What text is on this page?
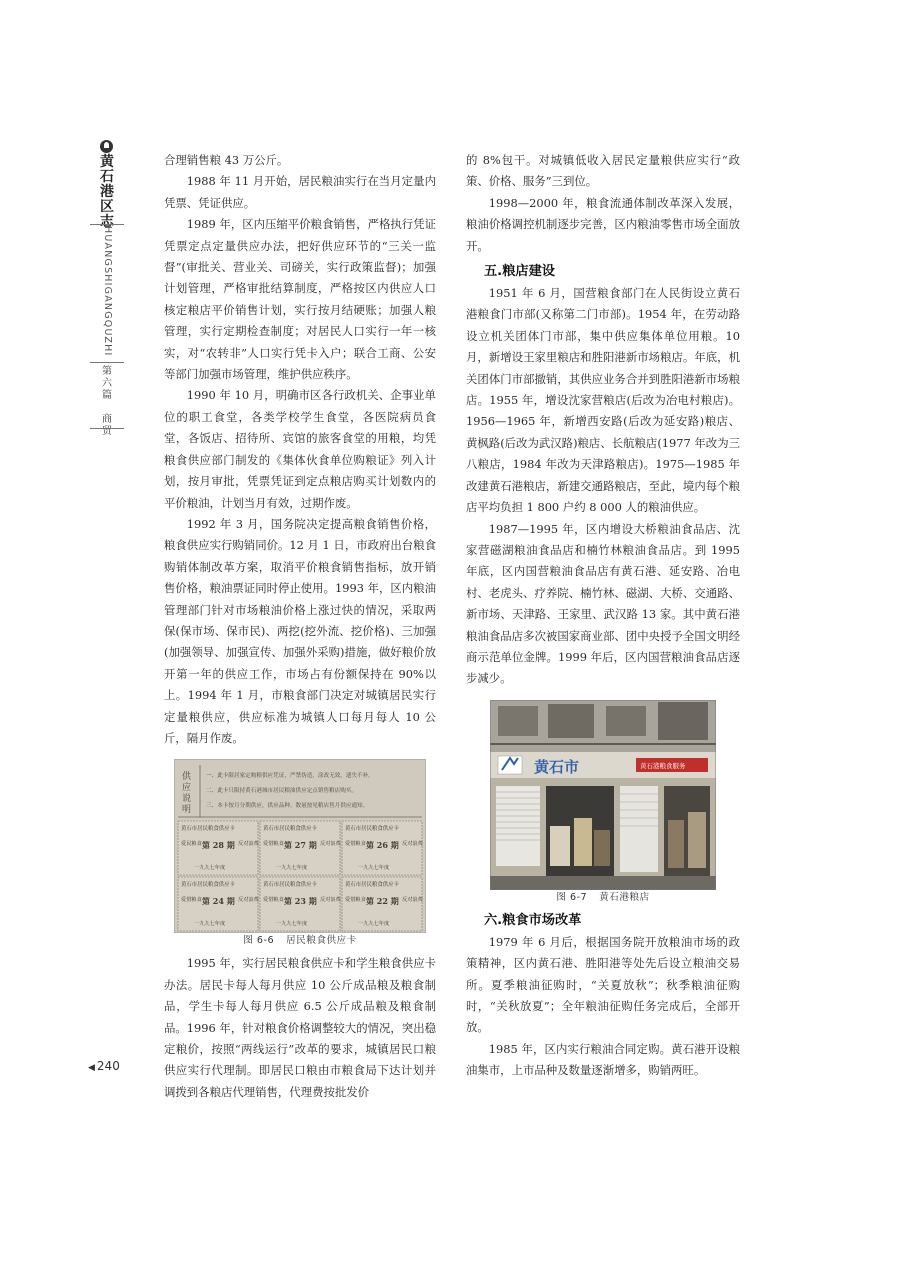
黄
石
港
区
志
HUANGSHIGANGQUZHI
第
六
篇
商
贸

合理销售粮 43 万公斤。

1988 年 11 月开始，居民粮油实行在当月定量内凭票、凭证供应。

1989 年，区内压缩平价粮食销售，严格执行凭证凭票定点定量供应办法，把好供应环节的“三关一监督”(审批关、营业关、司磅关，实行政策监督)；加强计划管理，严格审批结算制度，严格按区内供应人口核定粮店平价销售计划，实行按月结硬账；加强人粮管理，实行定期检查制度；对居民人口实行一年一核实，对“农转非”人口实行凭卡入户；联合工商、公安等部门加强市场管理，维护供应秩序。

1990 年 10 月，明确市区各行政机关、企事业单位的职工食堂，各类学校学生食堂，各医院病员食堂，各饭店、招待所、宾馆的旅客食堂的用粮，均凭粮食供应部门制发的《集体伙食单位购粮证》列入计划，按月审批，凭票凭证到定点粮店购买计划数内的平价粮油，计划当月有效，过期作废。

1992 年 3 月，国务院决定提高粮食销售价格，粮食供应实行购销同价。12 月 1 日，市政府出台粮食购销体制改革方案，取消平价粮食销售指标，放开销售价格，粮油票证同时停止使用。1993 年，区内粮油管理部门针对市场粮油价格上涨过快的情况，采取两保(保市场、保市民)、两挖(挖外流、挖价格)、三加强(加强领导、加强宣传、加强外采购)措施，做好粮价放开第一年的供应工作，市场占有份额保持在 90%以上。1994 年 1 月，市粮食部门决定对城镇居民实行定量粮供应，供应标准为城镇人口每月每人 10 公斤，隔月作废。

供
应
说
明
一、此卡限居家定购粮供应凭证，严禁伪造，涂改无效，遗失不补。
二、此卡只限持黄石港城市居民粮油供应定点销售粮店购买。
三、本卡按月分期供应，供应品种、数量按见粮店售月供应通知。
黄石市居民粮食供应卡
爱民粮食 第 28 期 反对浪费
一九九七年度
黄石市居民粮食供应卡
爱惜粮食 第 27 期 反对浪费
一九九七年度
黄石市居民粮食供应卡
爱惜粮食 第 26 期 反对浪费
一九九七年度
黄石市居民粮食供应卡
爱惜粮食 第 24 期 反对浪费
一九九七年度
黄石市居民粮食供应卡
爱惜粮食 第 23 期 反对浪费
一九九七年度
黄石市居民粮食供应卡
爱惜粮食 第 22 期 反对浪费
一九九七年度
图 6-6 居民粮食供应卡

1995 年，实行居民粮食供应卡和学生粮食供应卡办法。居民卡每人每月供应 10 公斤成品粮及粮食制品，学生卡每人每月供应 6.5 公斤成品粮及粮食制品。1996 年，针对粮食价格调整较大的情况，突出稳定粮价，按照“两线运行”改革的要求，城镇居民口粮供应实行代理制。即居民口粮由市粮食局下达计划并调拨到各粮店代理销售，代理费按批发价

的 8%包干。对城镇低收入居民定量粮供应实行“政策、价格、服务”三到位。

1998—2000 年，粮食流通体制改革深入发展，粮油价格调控机制逐步完善，区内粮油零售市场全面放开。

五.粮店建设

1951 年 6 月，国营粮食部门在人民街设立黄石港粮食门市部(又称第二门市部)。1954 年，在劳动路设立机关团体门市部，集中供应集体单位用粮。10 月，新增设王家里粮店和胜阳港新市场粮店。年底，机关团体门市部撤销，其供应业务合并到胜阳港新市场粮店。1955 年，增设沈家营粮店(后改为冶电村粮店)。1956—1965 年，新增西安路(后改为延安路)粮店、黄枫路(后改为武汉路)粮店、长航粮店(1977 年改为三八粮店，1984 年改为天津路粮店)。1975—1985 年改建黄石港粮店，新建交通路粮店，至此，境内每个粮店平均负担 1 800 户约 8 000 人的粮油供应。

1987—1995 年，区内增设大桥粮油食品店、沈家营磁湖粮油食品店和楠竹林粮油食品店。到 1995 年底，区内国营粮油食品店有黄石港、延安路、冶电村、老虎头、疗养院、楠竹林、磁湖、大桥、交通路、新市场、天津路、王家里、武汉路 13 家。其中黄石港粮油食品店多次被国家商业部、团中央授予全国文明经商示范单位金牌。1999 年后，区内国营粮油食品店逐步减少。

黄石市	黄石港粮食服务
图 6-7 黄石港粮店
六.粮食市场改革

1979 年 6 月后，根据国务院开放粮油市场的政策精神，区内黄石港、胜阳港等处先后设立粮油交易所。夏季粮油征购时，“关夏放秋”；秋季粮油征购时，“关秋放夏”；全年粮油征购任务完成后，全部开放。

1985 年，区内实行粮油合同定购。黄石港开设粮油集市，上市品种及数量逐渐增多，购销两旺。

◀ 240
